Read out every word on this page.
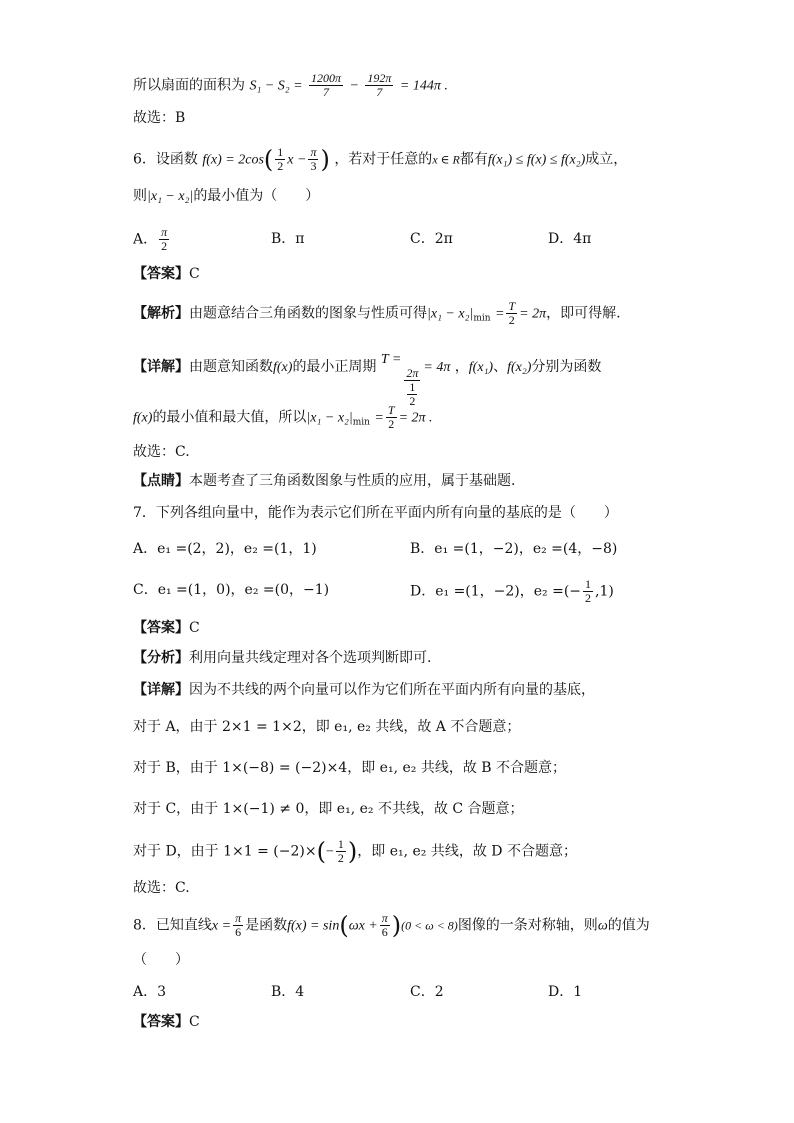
所以扇面的面积为 $S_1 - S_2 = \frac{1200\pi}{7} - \frac{192\pi}{7} = 144\pi$ .
故选：B
6．设函数 $f(x) = 2\cos( \frac{1}{2}$ $x - \frac{\pi}{3}$ ) ，若对于任意的x ∈ R都有f(x₁) ≤ f(x) ≤ f(x₂)成立，
则|x₁ − x₂|的最小值为（　　）
A． $\frac{\pi}{2}$	B．π	C．2π	D．4π
【答案】C
【解析】由题意结合三角函数的图象与性质可得$|x_1 - x_2|_{min} = \frac{T}{2} = 2\pi$，即可得解.
【详解】由题意知函数f(x)的最小正周期 T =
$\frac{2\pi}{\frac{1}{2}} = 4\pi$ ，f(x₁)、f(x₂)分别为函数
f(x)的最小值和最大值，所以$|x_1 - x_2|_{min} = \frac{T}{2} = 2\pi$ .
故选：C.
【点睛】本题考查了三角函数图象与性质的应用，属于基础题.
7．下列各组向量中，能作为表示它们所在平面内所有向量的基底的是（　　）
A．e₁ =(2，2)，e₂ =(1，1)	B．e₁ =(1，−2)，e₂ =(4，−8)
C．e₁ =(1，0)，e₂ =(0，−1)	D．e₁ =(1，−2)，e₂ =(− $\frac{1}{2} ,1$)
【答案】C
【分析】利用向量共线定理对各个选项判断即可.
【详解】因为不共线的两个向量可以作为它们所在平面内所有向量的基底，
对于 A，由于 2×1 = 1×2，即 e₁, e₂ 共线，故 A 不合题意；
对于 B，由于 1×(−8) = (−2)×4，即 e₁, e₂ 共线，故 B 不合题意；
对于 C，由于 1×(−1) ≠ 0，即 e₁, e₂ 不共线，故 C 合题意；
对于 D，由于 $1\times 1 = (-2)\times(- \frac{1}{2}$ )，即 e₁, e₂ 共线，故 D 不合题意；
故选：C.
8．已知直线$x = \frac{\pi}{6}$ 是函数$f(x) = \sin(\omega x + \frac{\pi}{6} )(0 < \omega < 8)$图像的一条对称轴，则ω的值为
（　　）
A．3	B．4	C．2	D．1
【答案】C
